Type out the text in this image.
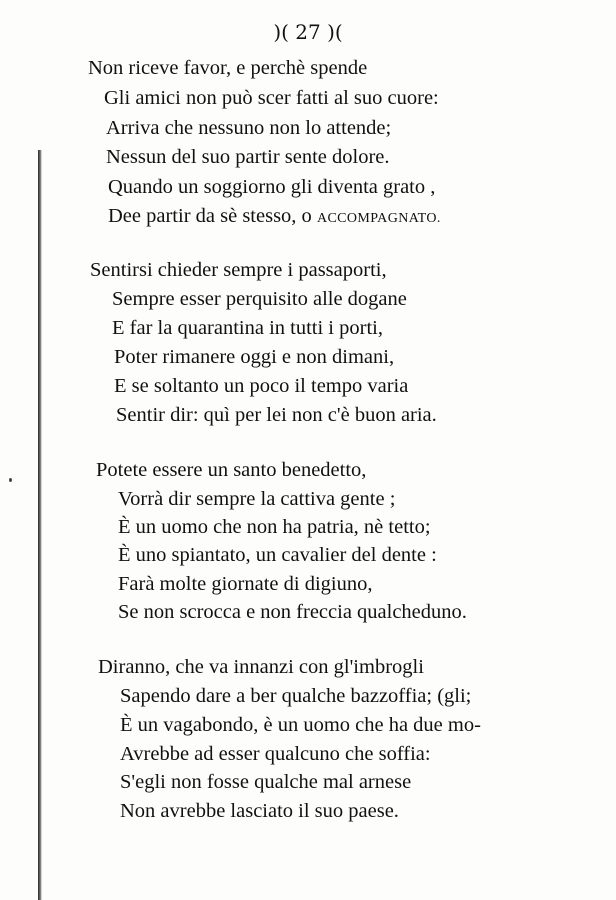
)( 27 )(
Non riceve favor, e perchè spende
Gli amici non può scer fatti al suo cuore:
Arriva che nessuno non lo attende;
Nessun del suo partir sente dolore.
Quando un soggiorno gli diventa grato ,
Dee partir da sè stesso, o ACCOMPAGNATO.
Sentirsi chieder sempre i passaporti,
Sempre esser perquisito alle dogane
E far la quarantina in tutti i porti,
Poter rimanere oggi e non dimani,
E se soltanto un poco il tempo varia
Sentir dir: quì per lei non c'è buon aria.
Potete essere un santo benedetto,
Vorrà dir sempre la cattiva gente ;
È un uomo che non ha patria, nè tetto;
È uno spiantato, un cavalier del dente :
Farà molte giornate di digiuno,
Se non scrocca e non freccia qualcheduno.
Diranno, che va innanzi con gl'imbrogli
Sapendo dare a ber qualche bazzoffia; (gli;
È un vagabondo, è un uomo che ha due mo-
Avrebbe ad esser qualcuno che soffia:
S'egli non fosse qualche mal arnese
Non avrebbe lasciato il suo paese.
